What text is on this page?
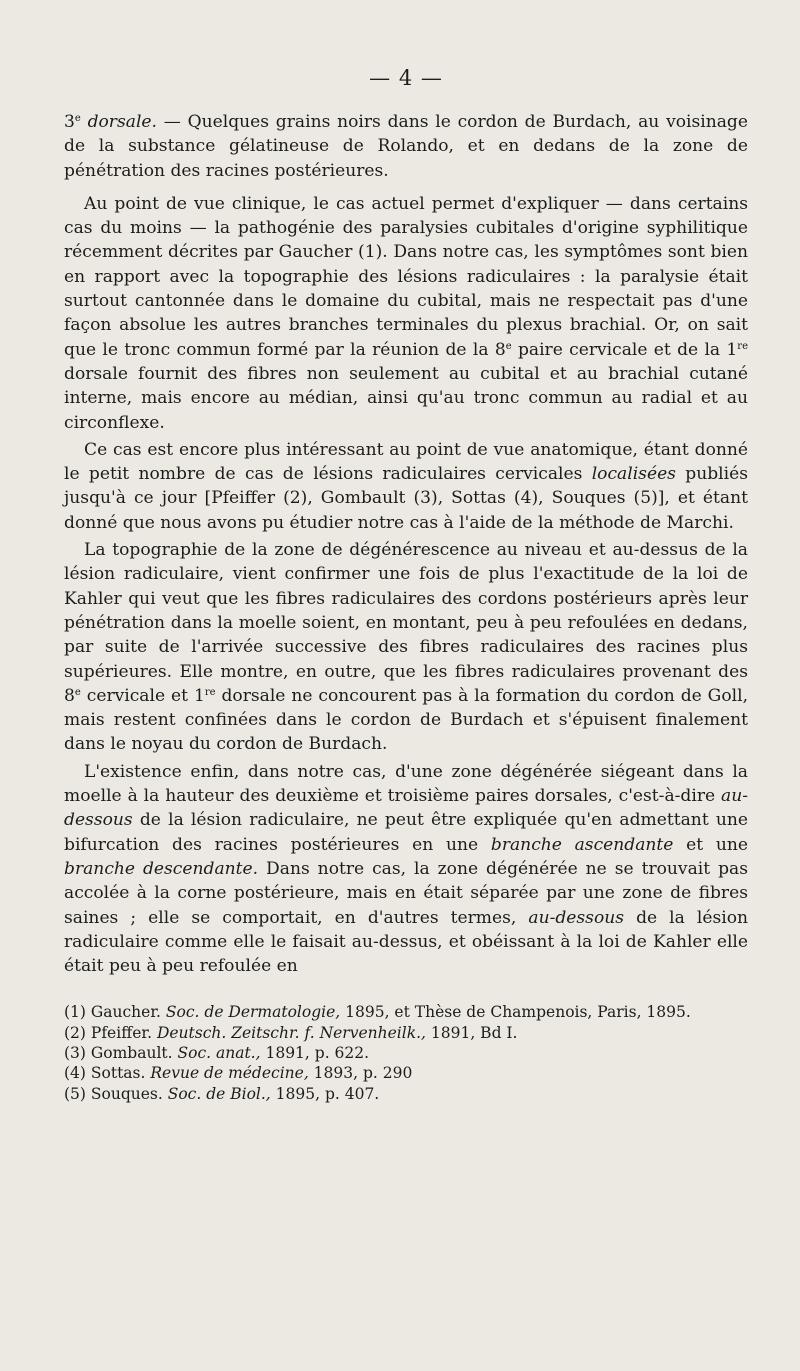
— 4 —

3e dorsale. — Quelques grains noirs dans le cordon de Burdach, au voisinage de la substance gélatineuse de Rolando, et en dedans de la zone de pénétration des racines postérieures.

Au point de vue clinique, le cas actuel permet d'expliquer — dans certains cas du moins — la pathogénie des paralysies cubitales d'origine syphilitique récemment décrites par Gaucher (1). Dans notre cas, les symptômes sont bien en rapport avec la topographie des lésions radiculaires : la paralysie était surtout cantonnée dans le domaine du cubital, mais ne respectait pas d'une façon absolue les autres branches terminales du plexus brachial. Or, on sait que le tronc commun formé par la réunion de la 8e paire cervicale et de la 1re dorsale fournit des fibres non seulement au cubital et au brachial cutané interne, mais encore au médian, ainsi qu'au tronc commun au radial et au circonflexe.

Ce cas est encore plus intéressant au point de vue anatomique, étant donné le petit nombre de cas de lésions radiculaires cervicales localisées publiés jusqu'à ce jour [Pfeiffer (2), Gombault (3), Sottas (4), Souques (5)], et étant donné que nous avons pu étudier notre cas à l'aide de la méthode de Marchi.

La topographie de la zone de dégénérescence au niveau et au-dessus de la lésion radiculaire, vient confirmer une fois de plus l'exactitude de la loi de Kahler qui veut que les fibres radiculaires des cordons postérieurs après leur pénétration dans la moelle soient, en montant, peu à peu refoulées en dedans, par suite de l'arrivée successive des fibres radiculaires des racines plus supérieures. Elle montre, en outre, que les fibres radiculaires provenant des 8e cervicale et 1re dorsale ne concourent pas à la formation du cordon de Goll, mais restent confinées dans le cordon de Burdach et s'épuisent finalement dans le noyau du cordon de Burdach.

L'existence enfin, dans notre cas, d'une zone dégénérée siégeant dans la moelle à la hauteur des deuxième et troisième paires dorsales, c'est-à-dire au-dessous de la lésion radiculaire, ne peut être expliquée qu'en admettant une bifurcation des racines postérieures en une branche ascendante et une branche descendante. Dans notre cas, la zone dégénérée ne se trouvait pas accolée à la corne postérieure, mais en était séparée par une zone de fibres saines ; elle se comportait, en d'autres termes, au-dessous de la lésion radiculaire comme elle le faisait au-dessus, et obéissant à la loi de Kahler elle était peu à peu refoulée en

(1) Gaucher. Soc. de Dermatologie, 1895, et Thèse de Champenois, Paris, 1895.

(2) Pfeiffer. Deutsch. Zeitschr. f. Nervenheilk., 1891, Bd I.

(3) Gombault. Soc. anat., 1891, p. 622.

(4) Sottas. Revue de médecine, 1893, p. 290

(5) Souques. Soc. de Biol., 1895, p. 407.
